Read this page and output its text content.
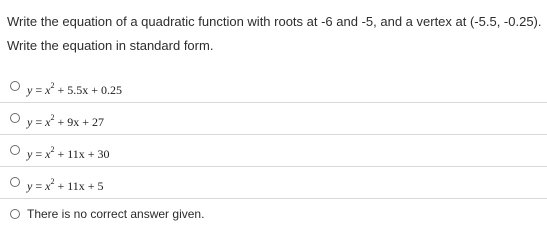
Write the equation of a quadratic function with roots at -6 and -5, and a vertex at (-5.5, -0.25). Write the equation in standard form.

$y = x^2 + 5.5x + 0.25$
$y = x^2 + 9x + 27$
$y = x^2 + 11x + 30$
$y = x^2 + 11x + 5$
There is no correct answer given.
